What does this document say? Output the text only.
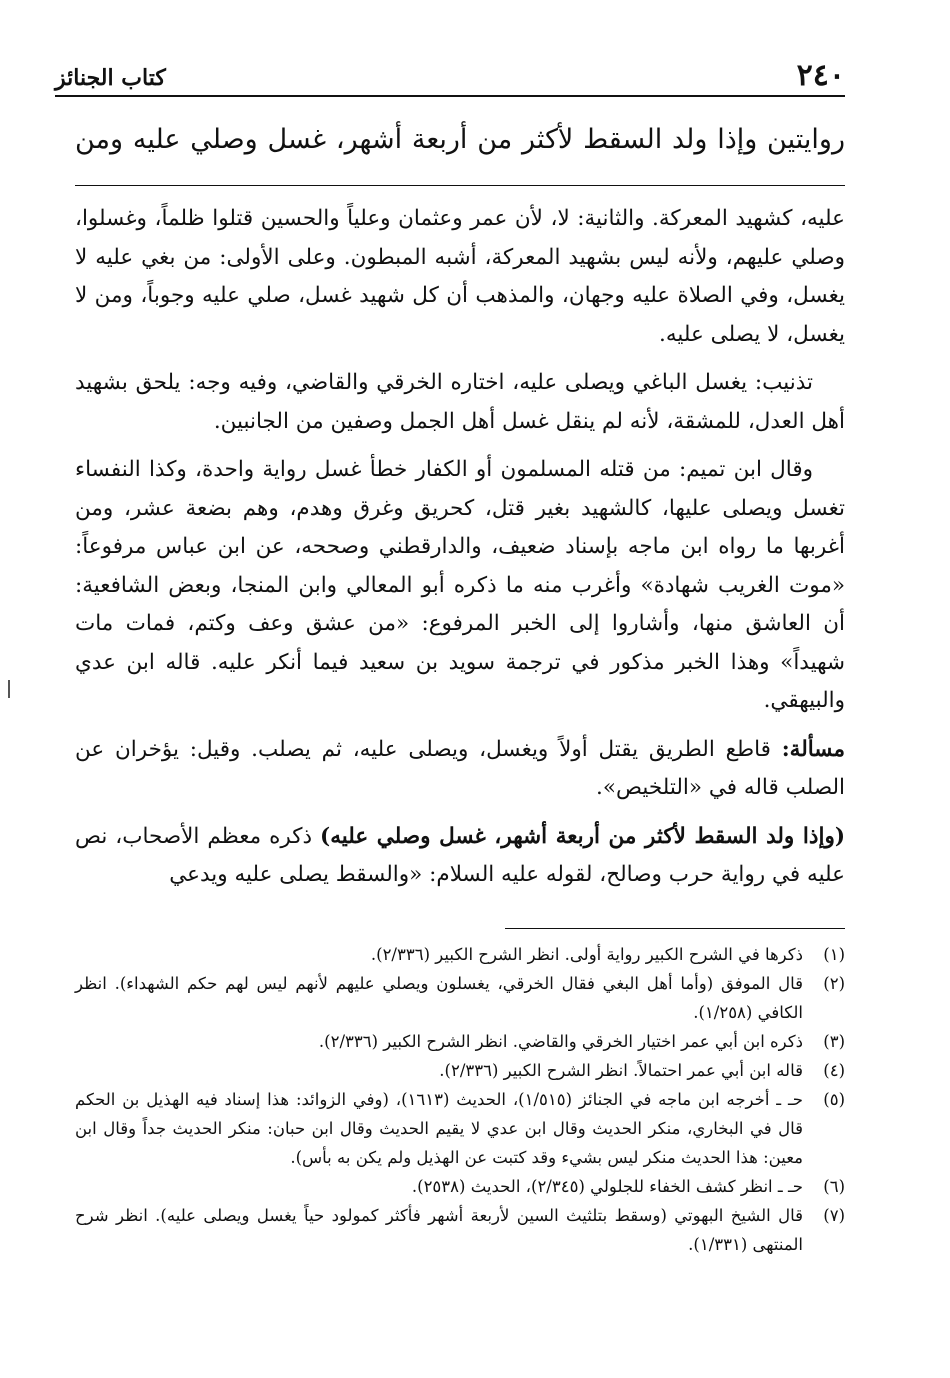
٢٤٠
كتاب الجنائز
روايتين وإذا ولد السقط لأكثر من أربعة أشهر، غسل وصلي عليه ومن

عليه، كشهيد المعركة. والثانية: لا، لأن عمر وعثمان وعلياً والحسين قتلوا ظلماً، وغسلوا، وصلي عليهم، ولأنه ليس بشهيد المعركة، أشبه المبطون. وعلى الأولى: من بغي عليه لا يغسل، وفي الصلاة عليه وجهان، والمذهب أن كل شهيد غسل، صلي عليه وجوباً، ومن لا يغسل، لا يصلى عليه.

تذنيب: يغسل الباغي ويصلى عليه، اختاره الخرقي والقاضي، وفيه وجه: يلحق بشهيد أهل العدل، للمشقة، لأنه لم ينقل غسل أهل الجمل وصفين من الجانبين.

وقال ابن تميم: من قتله المسلمون أو الكفار خطأ غسل رواية واحدة، وكذا النفساء تغسل ويصلى عليها، كالشهيد بغير قتل، كحريق وغرق وهدم، وهم بضعة عشر، ومن أغربها ما رواه ابن ماجه بإسناد ضعيف، والدارقطني وصححه، عن ابن عباس مرفوعاً: «موت الغريب شهادة» وأغرب منه ما ذكره أبو المعالي وابن المنجا، وبعض الشافعية: أن العاشق منها، وأشاروا إلى الخبر المرفوع: «من عشق وعف وكتم، فمات مات شهيداً» وهذا الخبر مذكور في ترجمة سويد بن سعيد فيما أنكر عليه. قاله ابن عدي والبيهقي.

مسألة: قاطع الطريق يقتل أولاً ويغسل، ويصلى عليه، ثم يصلب. وقيل: يؤخران عن الصلب قاله في «التلخيص».

(وإذا ولد السقط لأكثر من أربعة أشهر، غسل وصلي عليه) ذكره معظم الأصحاب، نص عليه في رواية حرب وصالح، لقوله عليه السلام: «والسقط يصلى عليه ويدعي

(١)
ذكرها في الشرح الكبير رواية أولى. انظر الشرح الكبير (٢/٣٣٦).
(٢)
قال الموفق (وأما أهل البغي فقال الخرقي، يغسلون ويصلي عليهم لأنهم ليس لهم حكم الشهداء). انظر الكافي (١/٢٥٨).
(٣)
ذكره ابن أبي عمر اختيار الخرقي والقاضي. انظر الشرح الكبير (٢/٣٣٦).
(٤)
قاله ابن أبي عمر احتمالاً. انظر الشرح الكبير (٢/٣٣٦).
(٥)
حـ ـ أخرجه ابن ماجه في الجنائز (١/٥١٥)، الحديث (١٦١٣)، (وفي الزوائد: هذا إسناد فيه الهذيل بن الحكم قال في البخاري، منكر الحديث وقال ابن عدي لا يقيم الحديث وقال ابن حبان: منكر الحديث جداً وقال ابن معين: هذا الحديث منكر ليس بشيء وقد كتبت عن الهذيل ولم يكن به بأس).
(٦)
حـ ـ انظر كشف الخفاء للجلولي (٢/٣٤٥)، الحديث (٢٥٣٨).
(٧)
قال الشيخ البهوتي (وسقط بتلثيث السين لأربعة أشهر فأكثر كمولود حياً يغسل ويصلى عليه). انظر شرح المنتهى (١/٣٣١).
